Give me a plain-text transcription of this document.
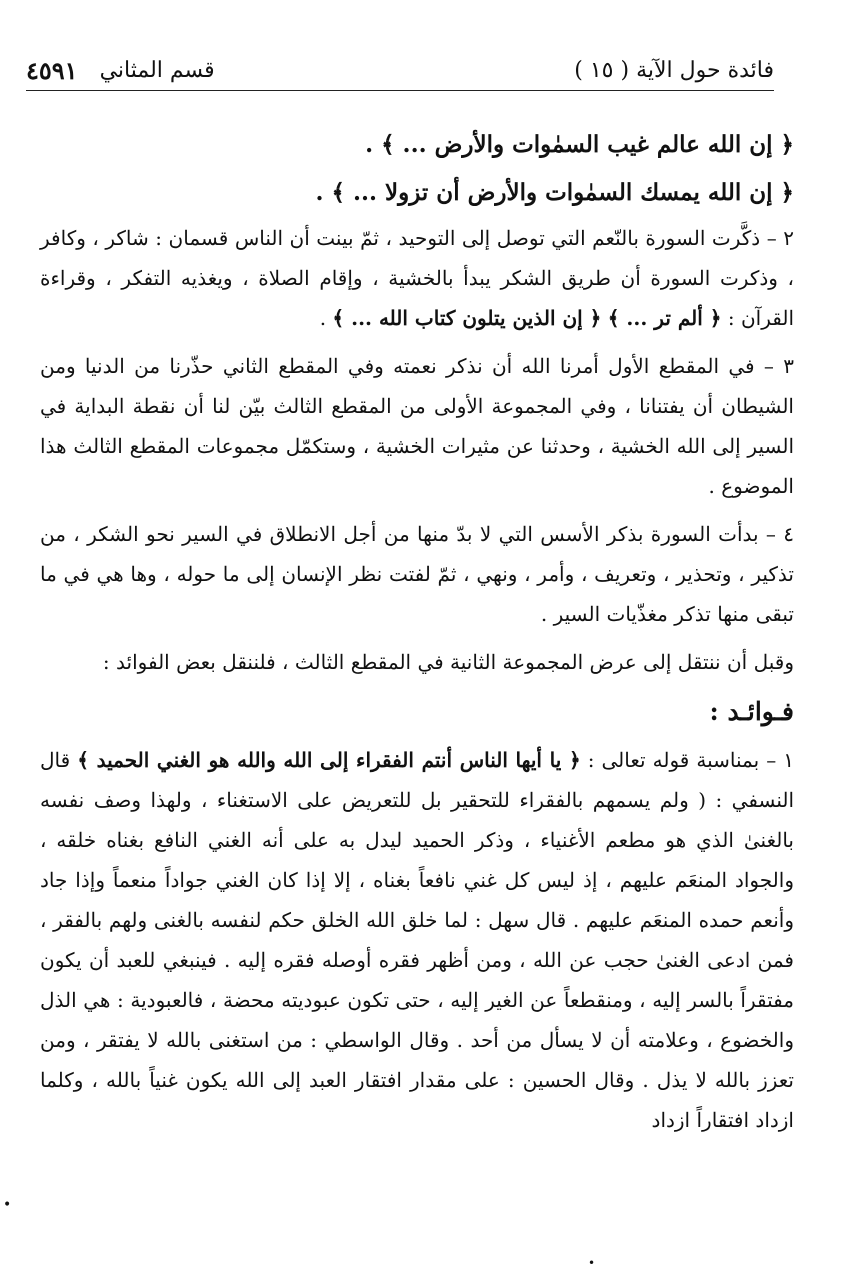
فائدة حول الآية ( ١٥ )
قسم المثاني
٤٥٩١
﴿ إن الله عالم غيب السمٰوات والأرض ... ﴾ .
﴿ إن الله يمسك السمٰوات والأرض أن تزولا ... ﴾ .

٢ – ذكَّرت السورة بالنّعم التي توصل إلى التوحيد ، ثمّ بينت أن الناس قسمان : شاكر ، وكافر ، وذكرت السورة أن طريق الشكر يبدأ بالخشية ، وإقام الصلاة ، ويغذيه التفكر ، وقراءة القرآن : ﴿ ألم تر ... ﴾ ﴿ إن الذين يتلون كتاب الله ... ﴾ .

٣ – في المقطع الأول أمرنا الله أن نذكر نعمته وفي المقطع الثاني حذّرنا من الدنيا ومن الشيطان أن يفتنانا ، وفي المجموعة الأولى من المقطع الثالث بيّن لنا أن نقطة البداية في السير إلى الله الخشية ، وحدثنا عن مثيرات الخشية ، وستكمّل مجموعات المقطع الثالث هذا الموضوع .

٤ – بدأت السورة بذكر الأسس التي لا بدّ منها من أجل الانطلاق في السير نحو الشكر ، من تذكير ، وتحذير ، وتعريف ، وأمر ، ونهي ، ثمّ لفتت نظر الإنسان إلى ما حوله ، وها هي في ما تبقى منها تذكر مغذّيات السير .

وقبل أن ننتقل إلى عرض المجموعة الثانية في المقطع الثالث ، فلننقل بعض الفوائد :

فـوائـد :

١ – بمناسبة قوله تعالى : ﴿ يا أيها الناس أنتم الفقراء إلى الله والله هو الغني الحميد ﴾ قال النسفي : ( ولم يسمهم بالفقراء للتحقير بل للتعريض على الاستغناء ، ولهذا وصف نفسه بالغنىٰ الذي هو مطعم الأغنياء ، وذكر الحميد ليدل به على أنه الغني النافع بغناه خلقه ، والجواد المنعَم عليهم ، إذ ليس كل غني نافعاً بغناه ، إلا إذا كان الغني جواداً منعماً وإذا جاد وأنعم حمده المنعَم عليهم . قال سهل : لما خلق الله الخلق حكم لنفسه بالغنى ولهم بالفقر ، فمن ادعى الغنىٰ حجب عن الله ، ومن أظهر فقره أوصله فقره إليه . فينبغي للعبد أن يكون مفتقراً بالسر إليه ، ومنقطعاً عن الغير إليه ، حتى تكون عبوديته محضة ، فالعبودية : هي الذل والخضوع ، وعلامته أن لا يسأل من أحد . وقال الواسطي : من استغنى بالله لا يفتقر ، ومن تعزز بالله لا يذل . وقال الحسين : على مقدار افتقار العبد إلى الله يكون غنياً بالله ، وكلما ازداد افتقاراً ازداد

•
•
